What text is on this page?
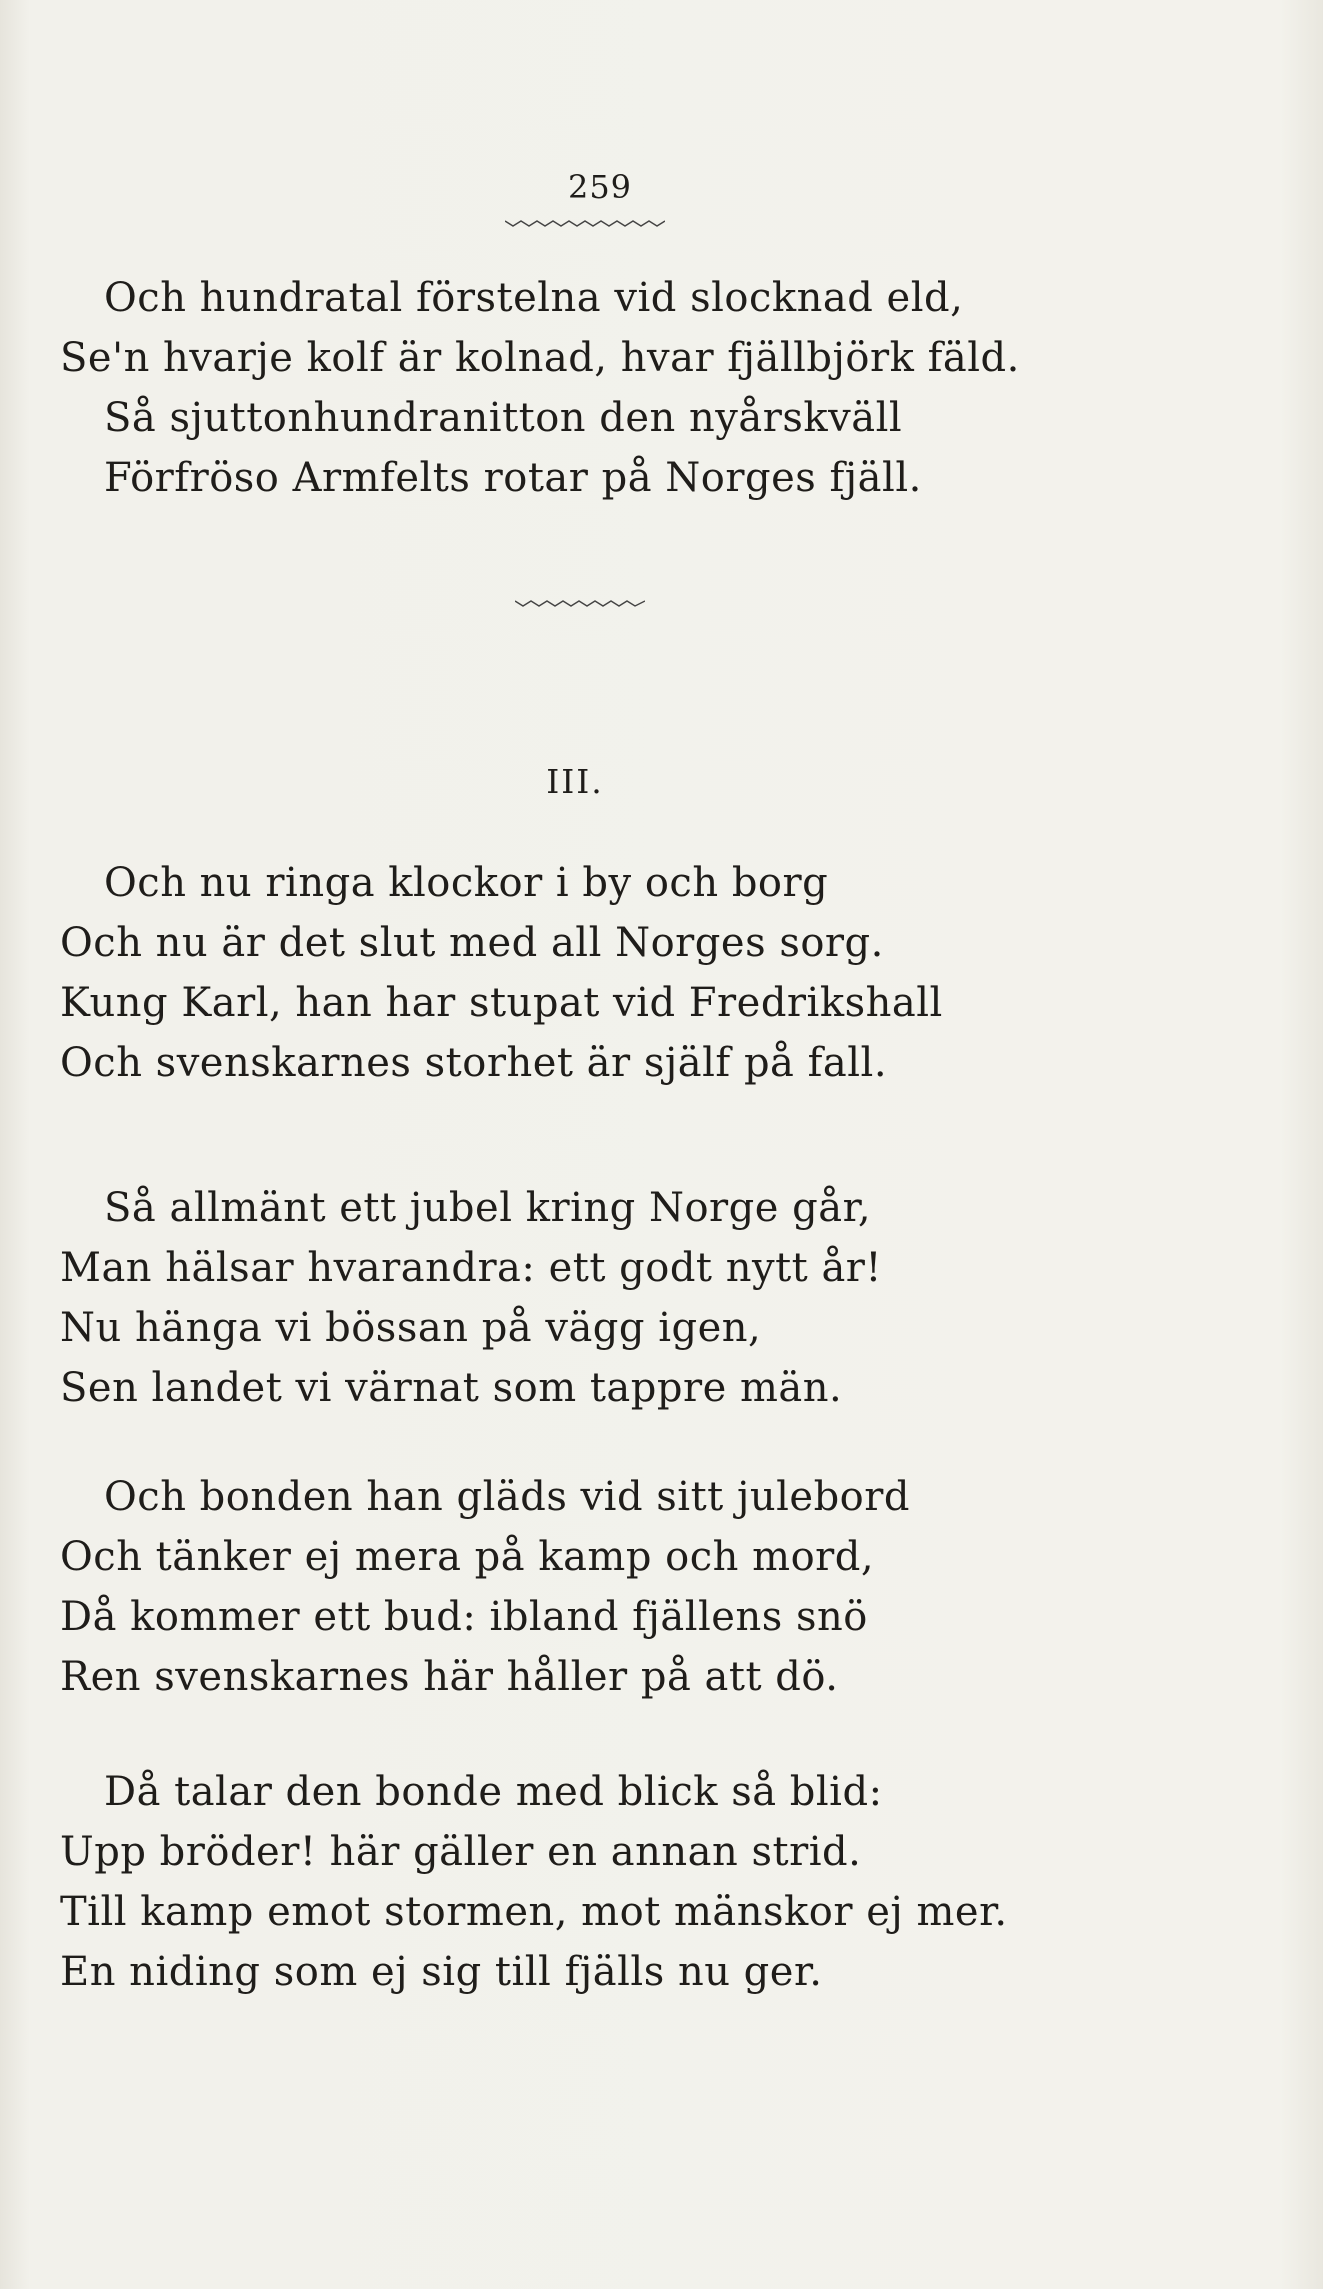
259
Och hundratal förstelna vid slocknad eld,
Se'n hvarje kolf är kolnad, hvar fjällbjörk fäld.
Så sjuttonhundranitton den nyårskväll
Förfröso Armfelts rotar på Norges fjäll.
III.
Och nu ringa klockor i by och borg
Och nu är det slut med all Norges sorg.
Kung Karl, han har stupat vid Fredrikshall
Och svenskarnes storhet är själf på fall.
Så allmänt ett jubel kring Norge går,
Man hälsar hvarandra: ett godt nytt år!
Nu hänga vi bössan på vägg igen,
Sen landet vi värnat som tappre män.
Och bonden han gläds vid sitt julebord
Och tänker ej mera på kamp och mord,
Då kommer ett bud: ibland fjällens snö
Ren svenskarnes här håller på att dö.
Då talar den bonde med blick så blid:
Upp bröder! här gäller en annan strid.
Till kamp emot stormen, mot mänskor ej mer.
En niding som ej sig till fjälls nu ger.
